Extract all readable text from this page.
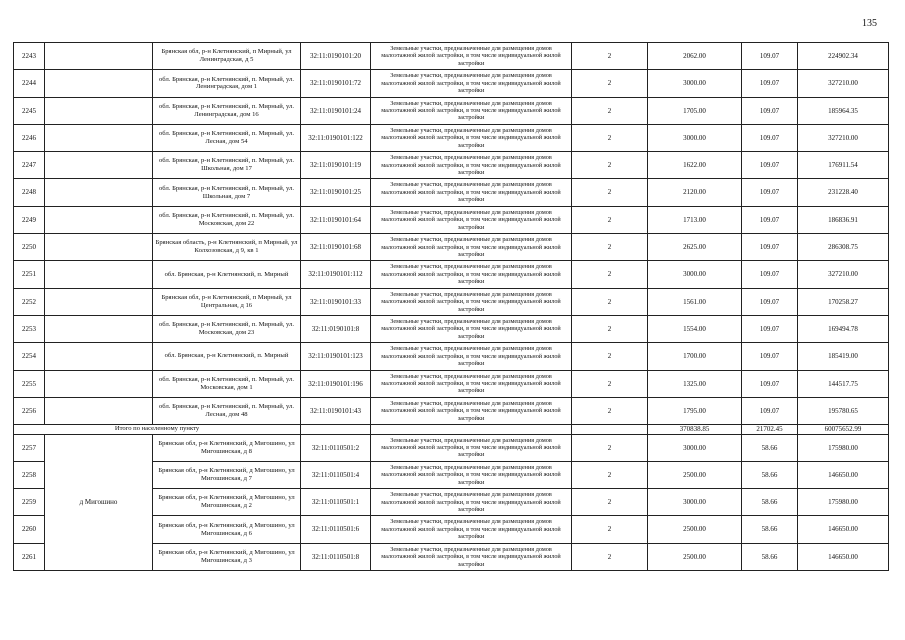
135
2243		Брянская обл, р-н Клетнянский, п Мирный, ул Ленинградская, д 5	32:11:0190101:20	Земельные участки, предназначенные для размещения домов малоэтажной жилой застройки, в том числе индивидуальной жилой застройки	2	2062.00	109.07	224902.34
2244		обл. Брянская, р-н Клетнянский, п. Мирный, ул. Ленинградская, дом 1	32:11:0190101:72	Земельные участки, предназначенные для размещения домов малоэтажной жилой застройки, в том числе индивидуальной жилой застройки	2	3000.00	109.07	327210.00
2245		обл. Брянская, р-н Клетнянский, п. Мирный, ул. Ленинградская, дом 16	32:11:0190101:24	Земельные участки, предназначенные для размещения домов малоэтажной жилой застройки, в том числе индивидуальной жилой застройки	2	1705.00	109.07	185964.35
2246		обл. Брянская, р-н Клетнянский, п. Мирный, ул. Лесная, дом 54	32:11:0190101:122	Земельные участки, предназначенные для размещения домов малоэтажной жилой застройки, в том числе индивидуальной жилой застройки	2	3000.00	109.07	327210.00
2247		обл. Брянская, р-н Клетнянский, п. Мирный, ул. Школьная, дом 17	32:11:0190101:19	Земельные участки, предназначенные для размещения домов малоэтажной жилой застройки, в том числе индивидуальной жилой застройки	2	1622.00	109.07	176911.54
2248		обл. Брянская, р-н Клетнянский, п. Мирный, ул. Школьная, дом 7	32:11:0190101:25	Земельные участки, предназначенные для размещения домов малоэтажной жилой застройки, в том числе индивидуальной жилой застройки	2	2120.00	109.07	231228.40
2249		обл. Брянская, р-н Клетнянский, п. Мирный, ул. Московская, дом 22	32:11:0190101:64	Земельные участки, предназначенные для размещения домов малоэтажной жилой застройки, в том числе индивидуальной жилой застройки	2	1713.00	109.07	186836.91
2250		Брянская область, р-н Клетнянский, п Мирный, ул Колхозовская, д 9, кв 1	32:11:0190101:68	Земельные участки, предназначенные для размещения домов малоэтажной жилой застройки, в том числе индивидуальной жилой застройки	2	2625.00	109.07	286308.75
2251		обл. Брянская, р-н Клетнянский, п. Мирный	32:11:0190101:112	Земельные участки, предназначенные для размещения домов малоэтажной жилой застройки, в том числе индивидуальной жилой застройки	2	3000.00	109.07	327210.00
2252		Брянская обл, р-н Клетнянский, п Мирный, ул Центральная, д 16	32:11:0190101:33	Земельные участки, предназначенные для размещения домов малоэтажной жилой застройки, в том числе индивидуальной жилой застройки	2	1561.00	109.07	170258.27
2253		обл. Брянская, р-н Клетнянский, п. Мирный, ул. Московская, дом 23	32:11:0190101:8	Земельные участки, предназначенные для размещения домов малоэтажной жилой застройки, в том числе индивидуальной жилой застройки	2	1554.00	109.07	169494.78
2254		обл. Брянская, р-н Клетнянский, п. Мирный	32:11:0190101:123	Земельные участки, предназначенные для размещения домов малоэтажной жилой застройки, в том числе индивидуальной жилой застройки	2	1700.00	109.07	185419.00
2255		обл. Брянская, р-н Клетнянский, п. Мирный, ул. Московская, дом 1	32:11:0190101:196	Земельные участки, предназначенные для размещения домов малоэтажной жилой застройки, в том числе индивидуальной жилой застройки	2	1325.00	109.07	144517.75
2256		обл. Брянская, р-н Клетнянский, п. Мирный, ул. Лесная, дом 48	32:11:0190101:43	Земельные участки, предназначенные для размещения домов малоэтажной жилой застройки, в том числе индивидуальной жилой застройки	2	1795.00	109.07	195780.65
Итого по населенному пункту						370838.85	21702.45	60075652.99
2257	д Мигошино	Брянская обл, р-н Клетнянский, д Мигошино, ул Мигошинская, д 8	32:11:0110501:2	Земельные участки, предназначенные для размещения домов малоэтажной жилой застройки, в том числе индивидуальной жилой застройки	2	3000.00	58.66	175980.00
2258		Брянская обл, р-н Клетнянский, д Мигошино, ул Мигошинская, д 7	32:11:0110501:4	Земельные участки, предназначенные для размещения домов малоэтажной жилой застройки, в том числе индивидуальной жилой застройки	2	2500.00	58.66	146650.00
2259		Брянская обл, р-н Клетнянский, д Мигошино, ул Мигошинская, д 2	32:11:0110501:1	Земельные участки, предназначенные для размещения домов малоэтажной жилой застройки, в том числе индивидуальной жилой застройки	2	3000.00	58.66	175980.00
2260		Брянская обл, р-н Клетнянский, д Мигошино, ул Мигошинская, д 6	32:11:0110501:6	Земельные участки, предназначенные для размещения домов малоэтажной жилой застройки, в том числе индивидуальной жилой застройки	2	2500.00	58.66	146650.00
2261		Брянская обл, р-н Клетнянский, д Мигошино, ул Мигошинская, д 3	32:11:0110501:8	Земельные участки, предназначенные для размещения домов малоэтажной жилой застройки, в том числе индивидуальной жилой застройки	2	2500.00	58.66	146650.00
